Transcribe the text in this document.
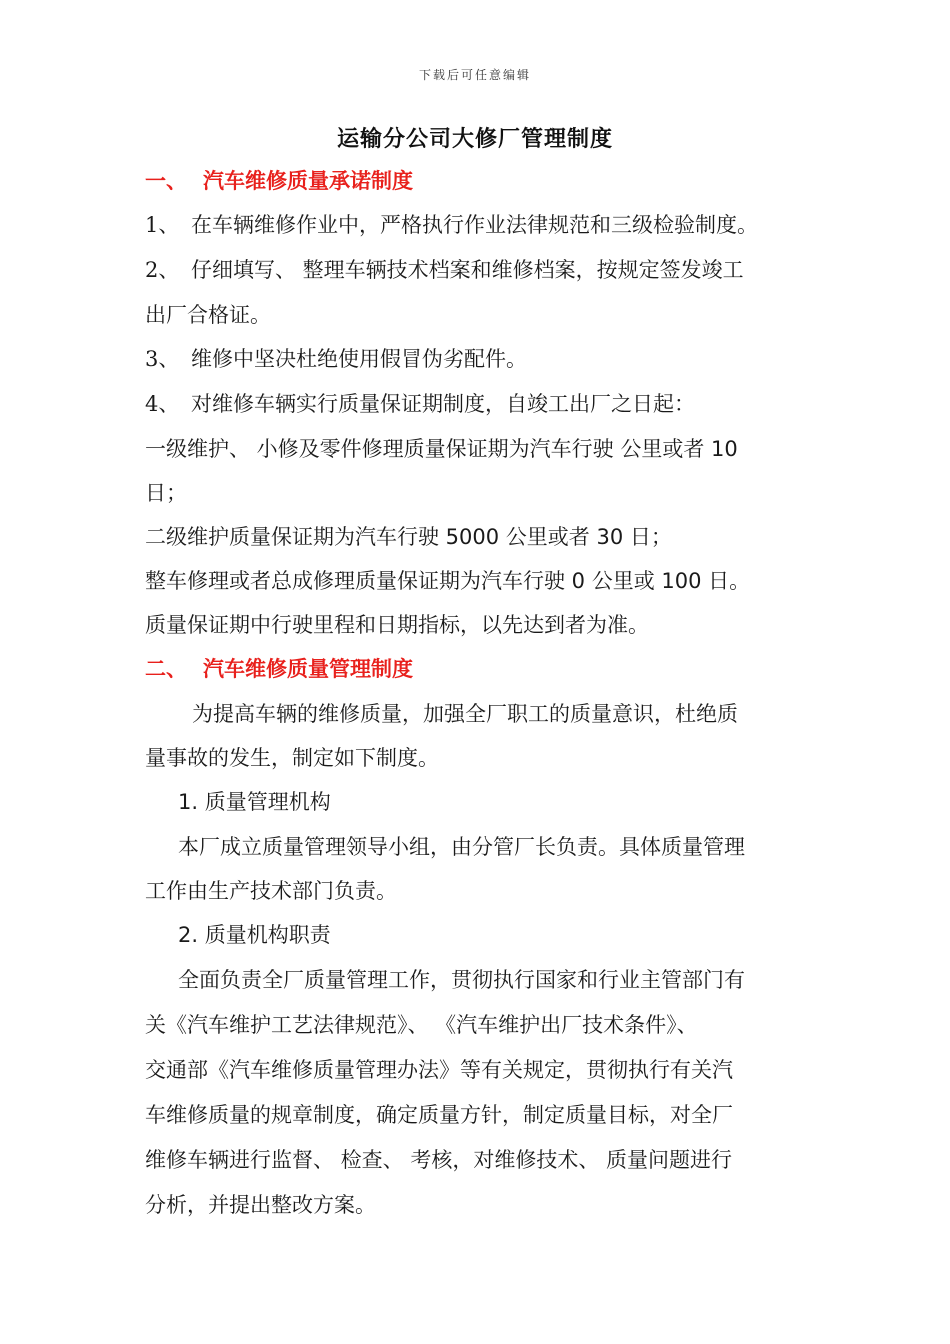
下载后可任意编辑
运输分公司大修厂管理制度
一、 汽车维修质量承诺制度
1、 在车辆维修作业中，严格执行作业法律规范和三级检验制度。
2、 仔细填写、 整理车辆技术档案和维修档案，按规定签发竣工
出厂合格证。
3、 维修中坚决杜绝使用假冒伪劣配件。
4、 对维修车辆实行质量保证期制度，自竣工出厂之日起：
一级维护、 小修及零件修理质量保证期为汽车行驶 公里或者 10
日；
二级维护质量保证期为汽车行驶 5000 公里或者 30 日；
整车修理或者总成修理质量保证期为汽车行驶 0 公里或 100 日。
质量保证期中行驶里程和日期指标，以先达到者为准。
二、 汽车维修质量管理制度
为提高车辆的维修质量，加强全厂职工的质量意识，杜绝质
量事故的发生，制定如下制度。
1. 质量管理机构
本厂成立质量管理领导小组，由分管厂长负责。具体质量管理
工作由生产技术部门负责。
2. 质量机构职责
全面负责全厂质量管理工作，贯彻执行国家和行业主管部门有
关《汽车维护工艺法律规范》、 《汽车维护出厂技术条件》、
交通部《汽车维修质量管理办法》等有关规定，贯彻执行有关汽
车维修质量的规章制度，确定质量方针，制定质量目标，对全厂
维修车辆进行监督、 检查、 考核，对维修技术、 质量问题进行
分析，并提出整改方案。
